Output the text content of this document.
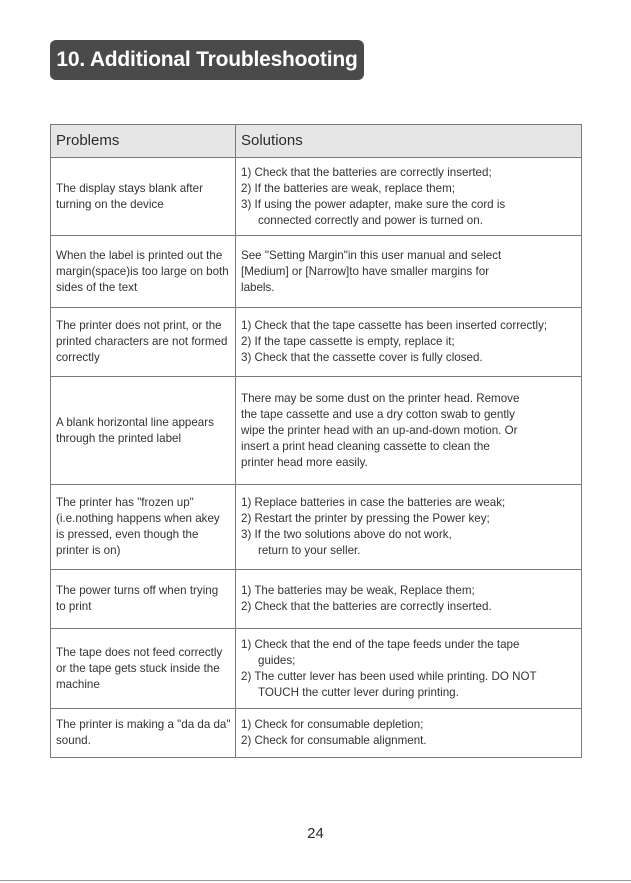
10. Additional Troubleshooting
Problems	Solutions
The display stays blank after turning on the device	1) Check that the batteries are correctly inserted;
2) If the batteries are weak, replace them;
3) If using the power adapter, make sure the cord is
connected correctly and power is turned on.

When the label is printed out the margin(space)is too large on both sides of the text	See "Setting Margin"in this user manual and select
[Medium] or [Narrow]to have smaller margins for
labels.

The printer does not print, or the printed characters are not formed correctly	1) Check that the tape cassette has been inserted correctly;
2) If the tape cassette is empty, replace it;
3) Check that the cassette cover is fully closed.

A blank horizontal line appears through the printed label	There may be some dust on the printer head. Remove
the tape cassette and use a dry cotton swab to gently
wipe the printer head with an up-and-down motion. Or
insert a print head cleaning cassette to clean the
printer head more easily.

The printer has "frozen up"(i.e.nothing happens when akey is pressed, even though the printer is on)	1) Replace batteries in case the batteries are weak;
2) Restart the printer by pressing the Power key;
3) If the two solutions above do not work,
return to your seller.

The power turns off when trying to print	1) The batteries may be weak, Replace them;
2) Check that the batteries are correctly inserted.

The tape does not feed correctly or the tape gets stuck inside the machine	1) Check that the end of the tape feeds under the tape
guides;
2) The cutter lever has been used while printing. DO NOT
TOUCH the cutter lever during printing.

The printer is making a "da da da" sound.	1) Check for consumable depletion;
2) Check for consumable alignment.
24
